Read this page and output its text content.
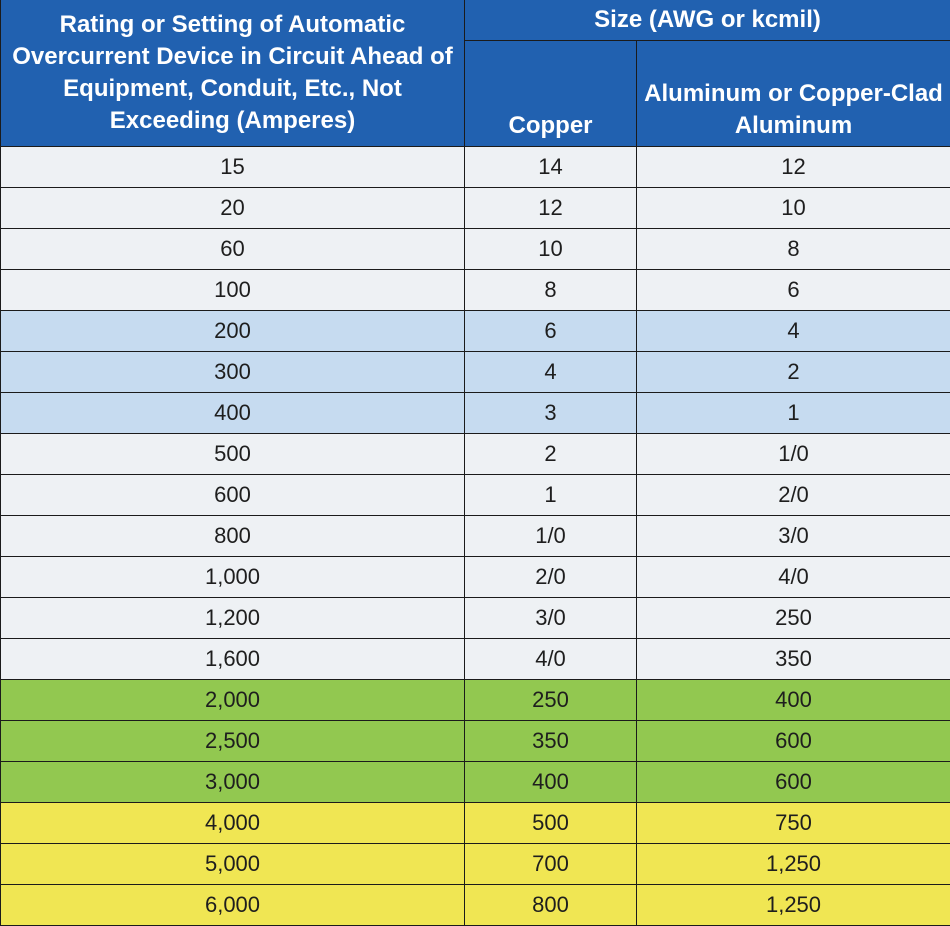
Rating or Setting of Automatic Overcurrent Device in Circuit Ahead of Equipment, Conduit, Etc., Not Exceeding (Amperes)	Size (AWG or kcmil)	
	Copper	Aluminum or Copper-Clad Aluminum
15	14	12
20	12	10
60	10	8
100	8	6
200	6	4
300	4	2
400	3	1
500	2	1/0
600	1	2/0
800	1/0	3/0
1,000	2/0	4/0
1,200	3/0	250
1,600	4/0	350
2,000	250	400
2,500	350	600
3,000	400	600
4,000	500	750
5,000	700	1,250
6,000	800	1,250
